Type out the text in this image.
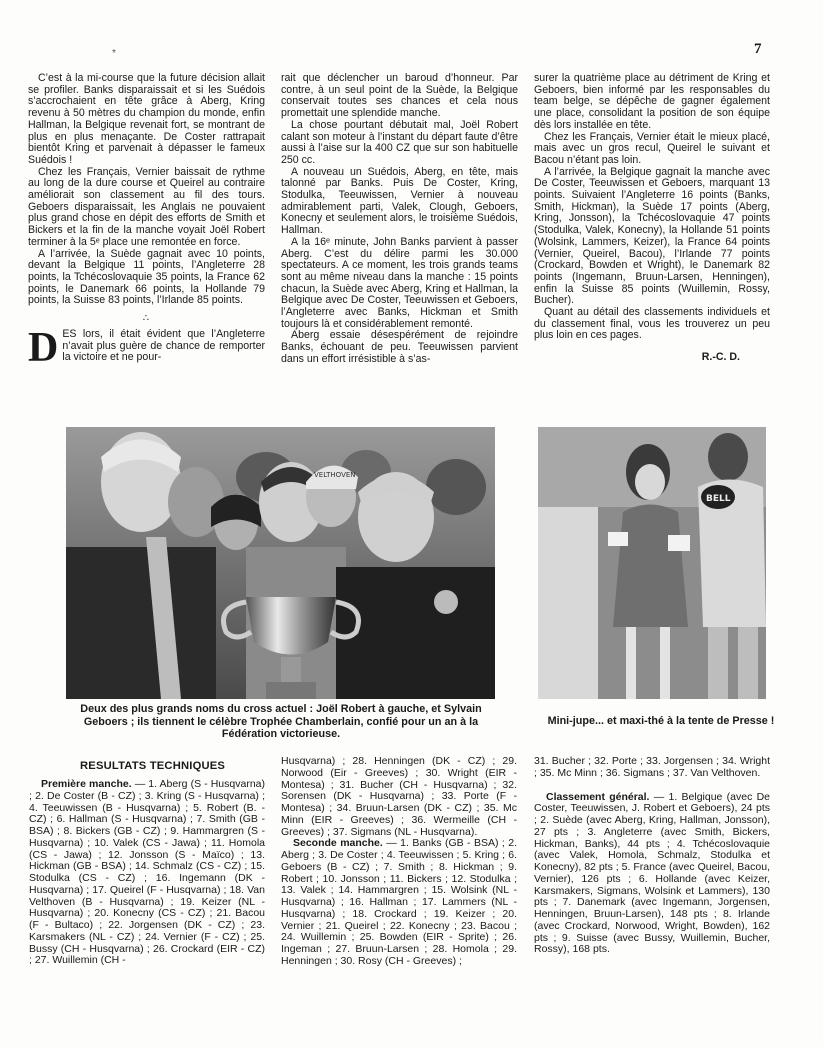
*	7

C’est à la mi-course que la future décision allait se profiler. Banks disparaissait et si les Suédois s’accrochaient en tête grâce à Aberg, Kring revenu à 50 mètres du champion du monde, enfin Hallman, la Belgique revenait fort, se montrant de plus en plus menaçante. De Coster rattrapait bientôt Kring et parvenait à dépasser le fameux Suédois !

Chez les Français, Vernier baissait de rythme au long de la dure course et Queirel au contraire améliorait son classement au fil des tours. Geboers disparaissait, les Anglais ne pouvaient plus grand chose en dépit des efforts de Smith et Bickers et la fin de la manche voyait Joël Robert terminer à la 5ᵉ place une remontée en force.

A l’arrivée, la Suède gagnait avec 10 points, devant la Belgique 11 points, l’Angleterre 28 points, la Tchécoslovaquie 35 points, la France 62 points, le Danemark 66 points, la Hollande 79 points, la Suisse 83 points, l’Irlande 85 points.

∴

DES lors, il était évident que l’Angleterre n’avait plus guère de chance de remporter la victoire et ne pour-

rait que déclencher un baroud d’honneur. Par contre, à un seul point de la Suède, la Belgique conservait toutes ses chances et cela nous promettait une splendide manche.

La chose pourtant débutait mal, Joël Robert calant son moteur à l’instant du départ faute d’être aussi à l’aise sur la 400 CZ que sur son habituelle 250 cc.

A nouveau un Suédois, Aberg, en tête, mais talonné par Banks. Puis De Coster, Kring, Stodulka, Teeuwissen, Vernier à nouveau admirablement parti, Valek, Clough, Geboers, Konecny et seulement alors, le troisième Suédois, Hallman.

A la 16ᵉ minute, John Banks parvient à passer Aberg. C’est du délire parmi les 30.000 spectateurs. A ce moment, les trois grands teams sont au même niveau dans la manche : 15 points chacun, la Suède avec Aberg, Kring et Hallman, la Belgique avec De Coster, Teeuwissen et Geboers, l’Angleterre avec Banks, Hickman et Smith toujours là et considérablement remonté.

Aberg essaie désespérément de rejoindre Banks, échouant de peu. Teeuwissen parvient dans un effort irrésistible à s’as-

surer la quatrième place au détriment de Kring et Geboers, bien informé par les responsables du team belge, se dépêche de gagner également une place, consolidant la position de son équipe dès lors installée en tête.

Chez les Français, Vernier était le mieux placé, mais avec un gros recul, Queirel le suivant et Bacou n’étant pas loin.

A l’arrivée, la Belgique gagnait la manche avec De Coster, Teeuwissen et Geboers, marquant 13 points. Suivaient l’Angleterre 16 points (Banks, Smith, Hickman), la Suède 17 points (Aberg, Kring, Jonsson), la Tchécoslovaquie 47 points (Stodulka, Valek, Konecny), la Hollande 51 points (Wolsink, Lammers, Keizer), la France 64 points (Vernier, Queirel, Bacou), l’Irlande 77 points (Crockard, Bowden et Wright), le Danemark 82 points (Ingemann, Bruun-Larsen, Henningen), enfin la Suisse 85 points (Wuillemin, Rossy, Bucher).

Quant au détail des classements individuels et du classement final, vous les trouverez un peu plus loin en ces pages.

R.-C. D.
VELTHOVEN
Deux des plus grands noms du cross actuel : Joël Robert à gauche, et Sylvain Geboers ; ils tiennent le célèbre Trophée Chamberlain, confié pour un an à la Fédération victorieuse.
BELL
Mini-jupe... et maxi-thé à la tente de Presse !
RESULTATS TECHNIQUES

Première manche. — 1. Aberg (S - Husqvarna) ; 2. De Coster (B - CZ) ; 3. Kring (S - Husqvarna) ; 4. Teeuwissen (B - Husqvarna) ; 5. Robert (B. - CZ) ; 6. Hallman (S - Husqvarna) ; 7. Smith (GB - BSA) ; 8. Bickers (GB - CZ) ; 9. Hammargren (S - Husqvarna) ; 10. Valek (CS - Jawa) ; 11. Homola (CS - Jawa) ; 12. Jonsson (S - Maïco) ; 13. Hickman (GB - BSA) ; 14. Schmalz (CS - CZ) ; 15. Stodulka (CS - CZ) ; 16. Ingemann (DK - Husqvarna) ; 17. Queirel (F - Husqvarna) ; 18. Van Velthoven (B - Husqvarna) ; 19. Keizer (NL - Husqvarna) ; 20. Konecny (CS - CZ) ; 21. Bacou (F - Bultaco) ; 22. Jorgensen (DK - CZ) ; 23. Karsmakers (NL - CZ) ; 24. Vernier (F - CZ) ; 25. Bussy (CH - Husqvarna) ; 26. Crockard (EIR - CZ) ; 27. Wuillemin (CH -

Husqvarna) ; 28. Henningen (DK - CZ) ; 29. Norwood (Eir - Greeves) ; 30. Wright (EIR - Montesa) ; 31. Bucher (CH - Husqvarna) ; 32. Sorensen (DK - Husqvarna) ; 33. Porte (F - Montesa) ; 34. Bruun-Larsen (DK - CZ) ; 35. Mc Minn (EIR - Greeves) ; 36. Wermeille (CH - Greeves) ; 37. Sigmans (NL - Husqvarna).

Seconde manche. — 1. Banks (GB - BSA) ; 2. Aberg ; 3. De Coster ; 4. Teeuwissen ; 5. Kring ; 6. Geboers (B - CZ) ; 7. Smith ; 8. Hickman ; 9. Robert ; 10. Jonsson ; 11. Bickers ; 12. Stodulka ; 13. Valek ; 14. Hammargren ; 15. Wolsink (NL - Husqvarna) ; 16. Hallman ; 17. Lammers (NL - Husqvarna) ; 18. Crockard ; 19. Keizer ; 20. Vernier ; 21. Queirel ; 22. Konecny ; 23. Bacou ; 24. Wuillemin ; 25. Bowden (EIR - Sprite) ; 26. Ingeman ; 27. Bruun-Larsen ; 28. Homola ; 29. Henningen ; 30. Rosy (CH - Greeves) ;

31. Bucher ; 32. Porte ; 33. Jorgensen ; 34. Wright ; 35. Mc Minn ; 36. Sigmans ; 37. Van Velthoven.

Classement général. — 1. Belgique (avec De Coster, Teeuwissen, J. Robert et Geboers), 24 pts ; 2. Suède (avec Aberg, Kring, Hallman, Jonsson), 27 pts ; 3. Angleterre (avec Smith, Bickers, Hickman, Banks), 44 pts ; 4. Tchécoslovaquie (avec Valek, Homola, Schmalz, Stodulka et Konecny), 82 pts ; 5. France (avec Queirel, Bacou, Vernier), 126 pts ; 6. Hollande (avec Keizer, Karsmakers, Sigmans, Wolsink et Lammers), 130 pts ; 7. Danemark (avec Ingemann, Jorgensen, Henningen, Bruun-Larsen), 148 pts ; 8. Irlande (avec Crockard, Norwood, Wright, Bowden), 162 pts ; 9. Suisse (avec Bussy, Wuillemin, Bucher, Rossy), 168 pts.
